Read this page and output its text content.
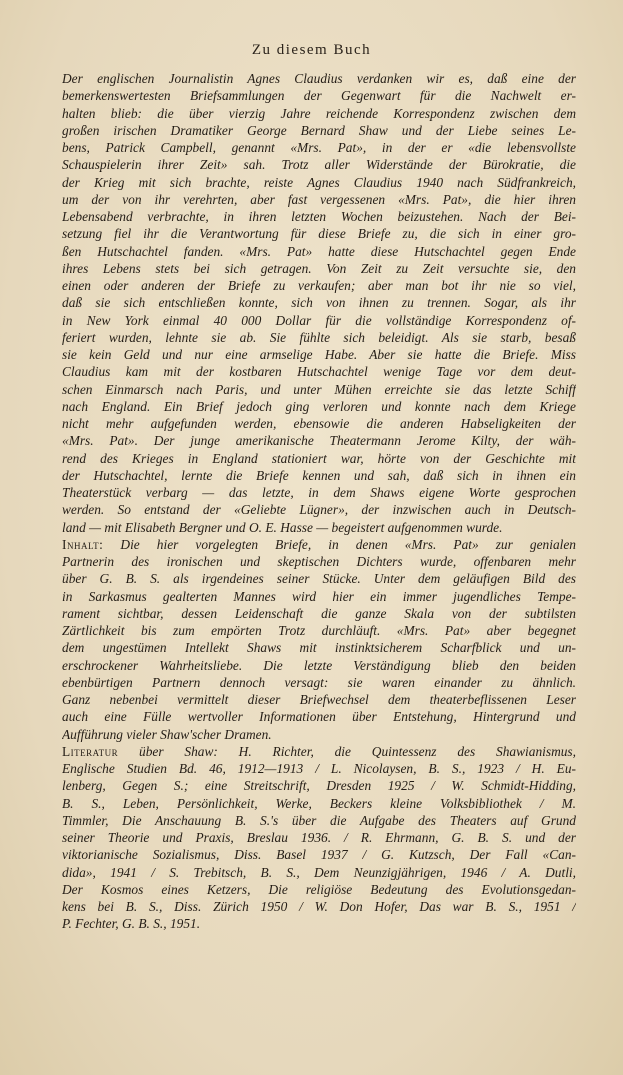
Zu diesem Buch
Der englischen Journalistin Agnes Claudius verdanken wir es, daß eine der
bemerkenswertesten Briefsammlungen der Gegenwart für die Nachwelt er-
halten blieb: die über vierzig Jahre reichende Korrespondenz zwischen dem
großen irischen Dramatiker George Bernard Shaw und der Liebe seines Le-
bens, Patrick Campbell, genannt «Mrs. Pat», in der er «die lebensvollste
Schauspielerin ihrer Zeit» sah. Trotz aller Widerstände der Bürokratie, die
der Krieg mit sich brachte, reiste Agnes Claudius 1940 nach Südfrankreich,
um der von ihr verehrten, aber fast vergessenen «Mrs. Pat», die hier ihren
Lebensabend verbrachte, in ihren letzten Wochen beizustehen. Nach der Bei-
setzung fiel ihr die Verantwortung für diese Briefe zu, die sich in einer gro-
ßen Hutschachtel fanden. «Mrs. Pat» hatte diese Hutschachtel gegen Ende
ihres Lebens stets bei sich getragen. Von Zeit zu Zeit versuchte sie, den
einen oder anderen der Briefe zu verkaufen; aber man bot ihr nie so viel,
daß sie sich entschließen konnte, sich von ihnen zu trennen. Sogar, als ihr
in New York einmal 40 000 Dollar für die vollständige Korrespondenz of-
feriert wurden, lehnte sie ab. Sie fühlte sich beleidigt. Als sie starb, besaß
sie kein Geld und nur eine armselige Habe. Aber sie hatte die Briefe. Miss
Claudius kam mit der kostbaren Hutschachtel wenige Tage vor dem deut-
schen Einmarsch nach Paris, und unter Mühen erreichte sie das letzte Schiff
nach England. Ein Brief jedoch ging verloren und konnte nach dem Kriege
nicht mehr aufgefunden werden, ebensowie die anderen Habseligkeiten der
«Mrs. Pat». Der junge amerikanische Theatermann Jerome Kilty, der wäh-
rend des Krieges in England stationiert war, hörte von der Geschichte mit
der Hutschachtel, lernte die Briefe kennen und sah, daß sich in ihnen ein
Theaterstück verbarg — das letzte, in dem Shaws eigene Worte gesprochen
werden. So entstand der «Geliebte Lügner», der inzwischen auch in Deutsch-
land — mit Elisabeth Bergner und O. E. Hasse — begeistert aufgenommen wurde.
Inhalt: Die hier vorgelegten Briefe, in denen «Mrs. Pat» zur genialen
Partnerin des ironischen und skeptischen Dichters wurde, offenbaren mehr
über G. B. S. als irgendeines seiner Stücke. Unter dem geläufigen Bild des
in Sarkasmus gealterten Mannes wird hier ein immer jugendliches Tempe-
rament sichtbar, dessen Leidenschaft die ganze Skala von der subtilsten
Zärtlichkeit bis zum empörten Trotz durchläuft. «Mrs. Pat» aber begegnet
dem ungestümen Intellekt Shaws mit instinktsicherem Scharfblick und un-
erschrockener Wahrheitsliebe. Die letzte Verständigung blieb den beiden
ebenbürtigen Partnern dennoch versagt: sie waren einander zu ähnlich.
Ganz nebenbei vermittelt dieser Briefwechsel dem theaterbeflissenen Leser
auch eine Fülle wertvoller Informationen über Entstehung, Hintergrund und
Aufführung vieler Shaw'scher Dramen.
Literatur über Shaw: H. Richter, die Quintessenz des Shawianismus,
Englische Studien Bd. 46, 1912—1913 / L. Nicolaysen, B. S., 1923 / H. Eu-
lenberg, Gegen S.; eine Streitschrift, Dresden 1925 / W. Schmidt-Hidding,
B. S., Leben, Persönlichkeit, Werke, Beckers kleine Volksbibliothek / M.
Timmler, Die Anschauung B. S.'s über die Aufgabe des Theaters auf Grund
seiner Theorie und Praxis, Breslau 1936. / R. Ehrmann, G. B. S. und der
viktorianische Sozialismus, Diss. Basel 1937 / G. Kutzsch, Der Fall «Can-
dida», 1941 / S. Trebitsch, B. S., Dem Neunzigjährigen, 1946 / A. Dutli,
Der Kosmos eines Ketzers, Die religiöse Bedeutung des Evolutionsgedan-
kens bei B. S., Diss. Zürich 1950 / W. Don Hofer, Das war B. S., 1951 /
P. Fechter, G. B. S., 1951.
